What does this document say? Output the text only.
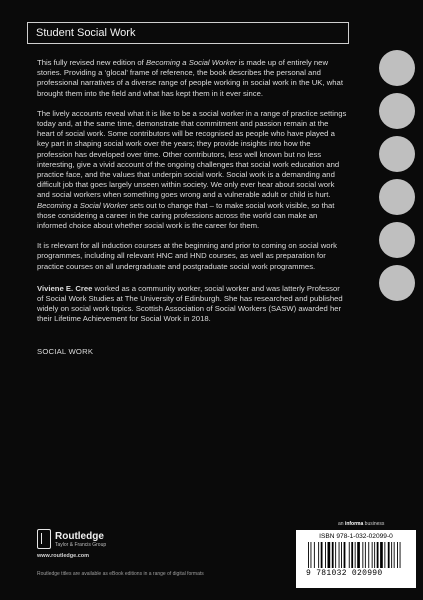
Student Social Work

This fully revised new edition of Becoming a Social Worker is made up of entirely new stories. Providing a ‘glocal’ frame of reference, the book describes the personal and professional narratives of a diverse range of people working in social work in the UK, what brought them into the field and what has kept them in it ever since.

The lively accounts reveal what it is like to be a social worker in a range of practice settings today and, at the same time, demonstrate that commitment and passion remain at the heart of social work. Some contributors will be recognised as people who have played a key part in shaping social work over the years; they provide insights into how the profession has developed over time. Other contributors, less well known but no less interesting, give a vivid account of the ongoing challenges that social work education and practice face, and the values that underpin social work. Social work is a demanding and difficult job that goes largely unseen within society. We only ever hear about social work and social workers when something goes wrong and a vulnerable adult or child is hurt. Becoming a Social Worker sets out to change that – to make social work visible, so that those considering a career in the caring professions across the world can make an informed choice about whether social work is the career for them.

It is relevant for all induction courses at the beginning and prior to coming on social work programmes, including all relevant HNC and HND courses, as well as preparation for practice courses on all undergraduate and postgraduate social work programmes.

Viviene E. Cree worked as a community worker, social worker and was latterly Professor of Social Work Studies at The University of Edinburgh. She has researched and published widely on social work topics. Scottish Association of Social Workers (SASW) awarded her their Lifetime Achievement for Social Work in 2018.

SOCIAL WORK

Routledge
Taylor & Francis Group
www.routledge.com
Routledge titles are available as eBook editions in a range of digital formats
an informa business
ISBN 978-1-032-02099-0
9 781032 020990
